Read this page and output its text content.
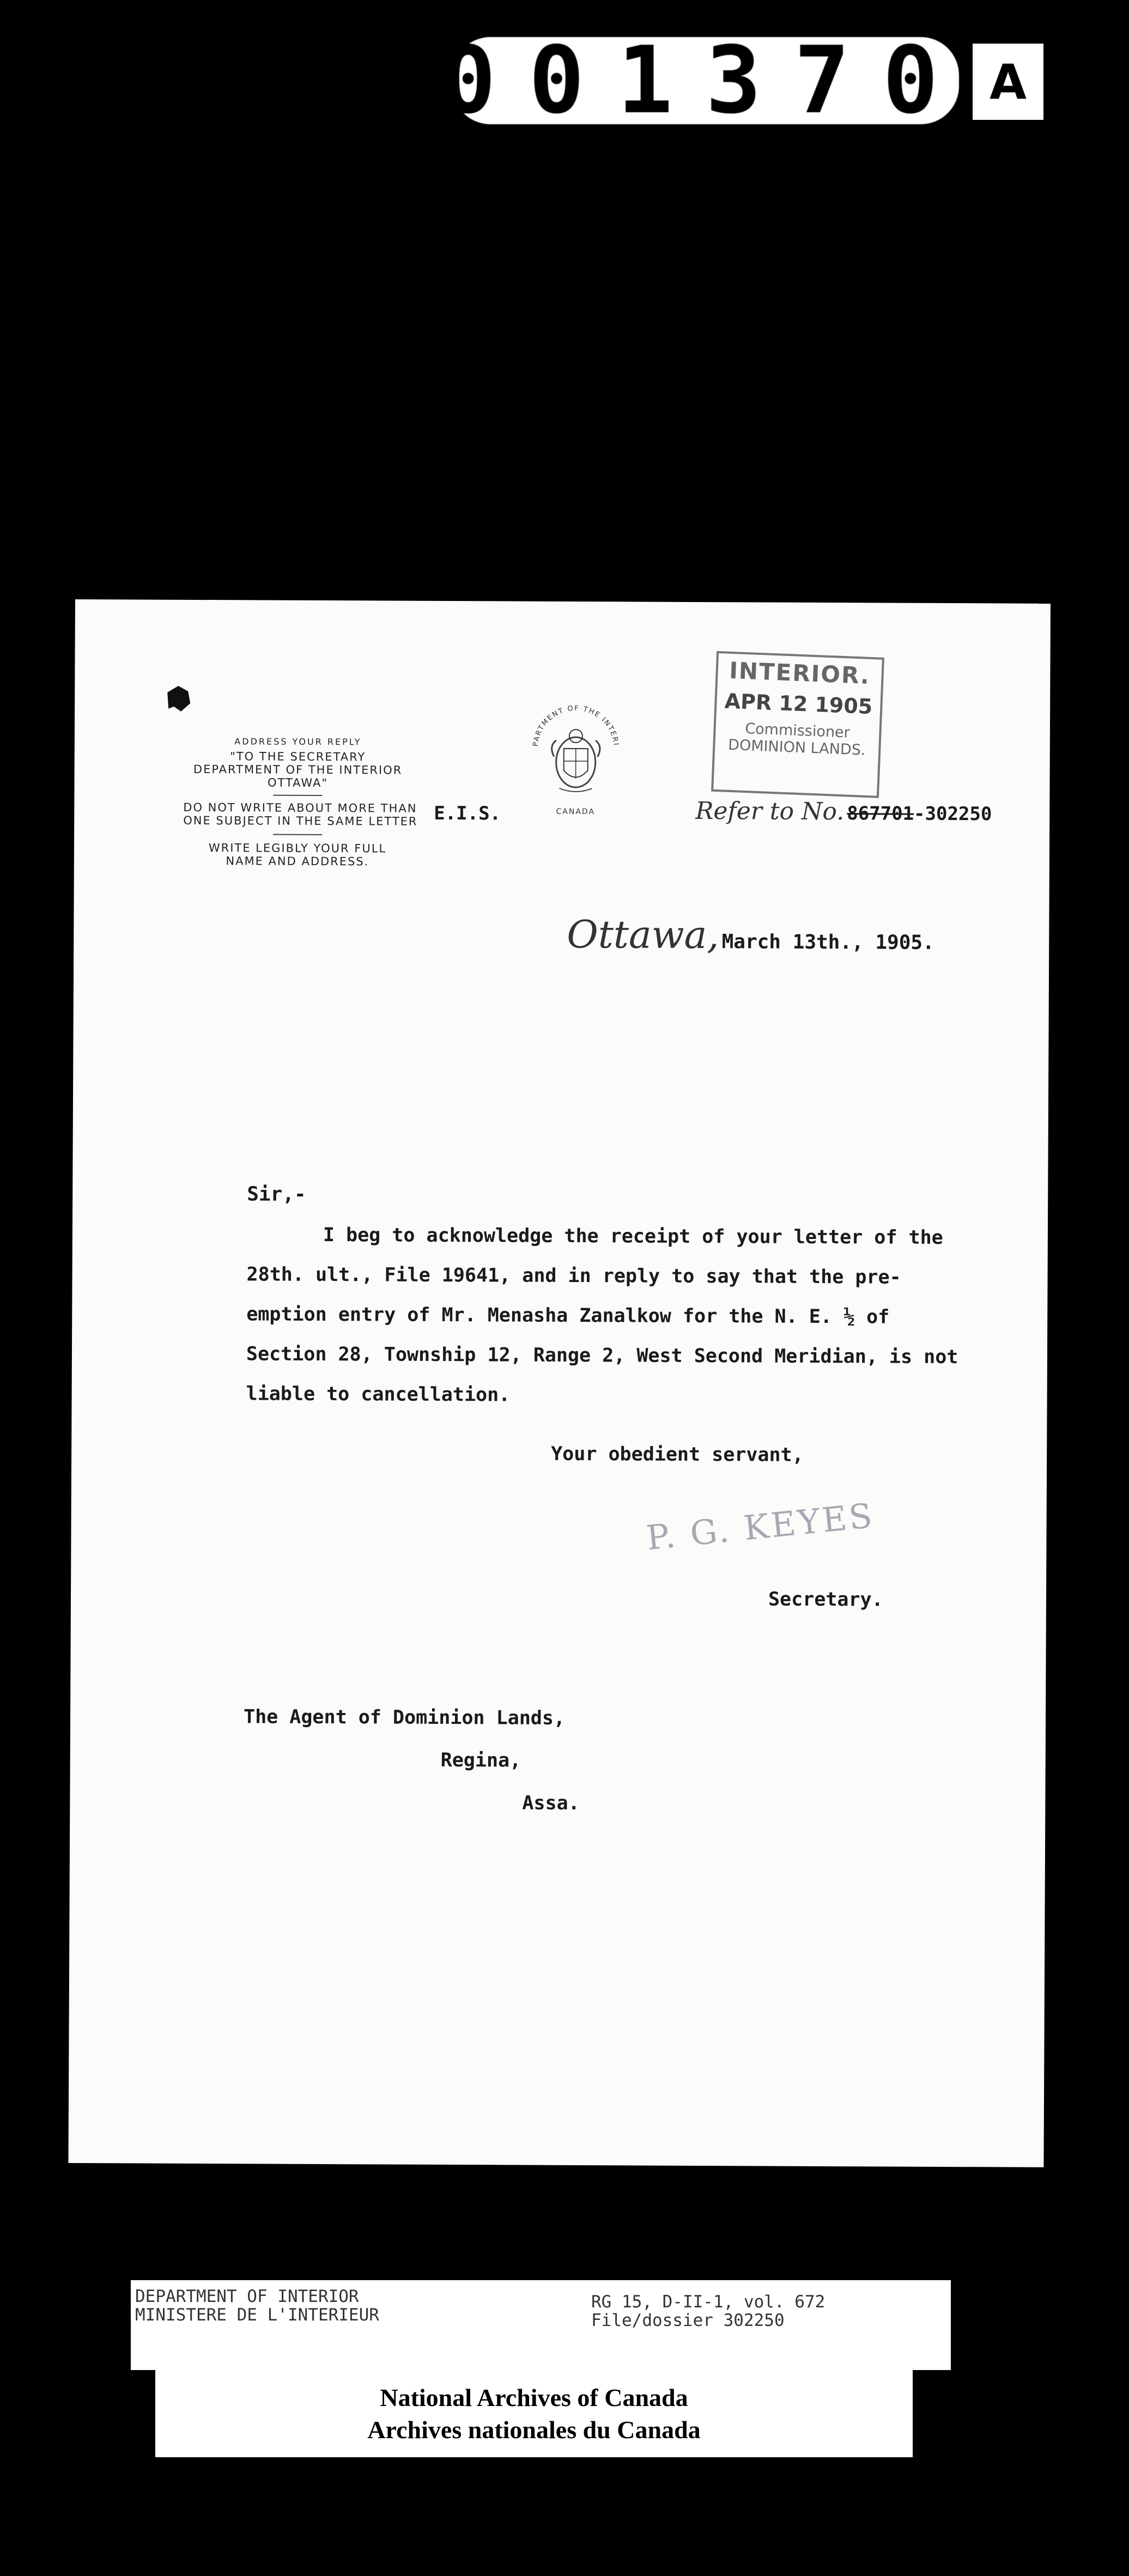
001370 A
ADDRESS YOUR REPLY
"TO THE SECRETARY
DEPARTMENT OF THE INTERIOR
OTTAWA"
DO NOT WRITE ABOUT MORE THAN
ONE SUBJECT IN THE SAME LETTER
WRITE LEGIBLY YOUR FULL
NAME AND ADDRESS.
DEPARTMENT OF THE INTERIOR
CANADA
E.I.S.
INTERIOR.
APR 12 1905
Commissioner
DOMINION LANDS.
Refer to No. 867701-302250
Ottawa, March 13th., 1905.
Sir,-
I beg to acknowledge the receipt of your letter of the
28th. ult., File 19641, and in reply to say that the pre-
emption entry of Mr. Menasha Zanalkow for the N. E. ½ of
Section 28, Township 12, Range 2, West Second Meridian, is not
liable to cancellation.
Your obedient servant,
P. G. KEYES
Secretary.
The Agent of Dominion Lands,
Regina,
Assa.
DEPARTMENT OF INTERIOR
MINISTERE DE L'INTERIEUR
RG 15, D-II-1, vol. 672
File/dossier 302250
National Archives of Canada
Archives nationales du Canada
